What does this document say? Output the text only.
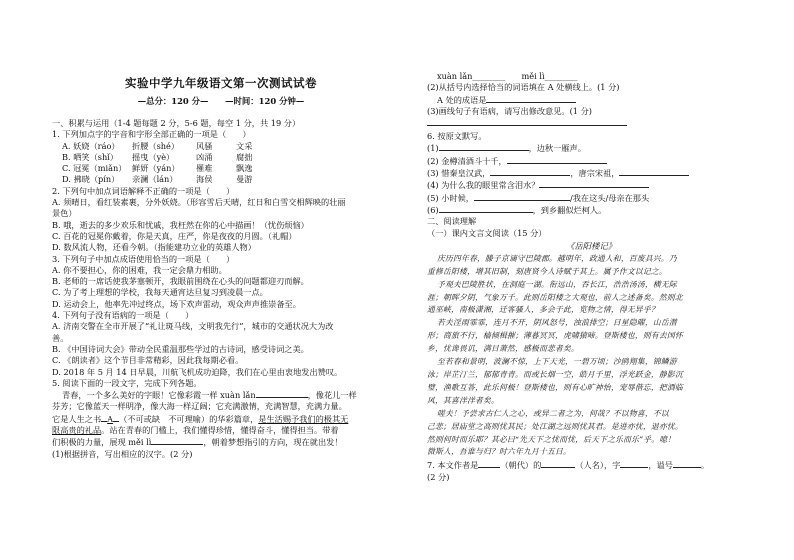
实验中学九年级语文第一次测试试卷
—总分：120 分—　　—时间：120 分钟—
一、积累与运用（1-4 题每题 2 分，5-6 题，每空 1 分，共 19 分）
1. 下列加点字的字音和字形全部正确的一项是（　　）
A. 妖娆（ráo）	折腰（shé）	风骚	文采
B. 哂笑（shǐ）	摇曳（yè）	凶涌	腐拙
C. 冠冕（miǎn） 鲜妍（yán）	罹难	飘逸
D. 拂晓（pín）	亲澜（lán）	海侯	曼游
2. 下列句中加点词语解释不正确的一项是（　　）
A. 须晴日，看红装素裹，分外妖娆。（形容雪后天晴，红日和白雪交相辉映的壮丽
景色）
B. 哦，逝去的多少欢乐和忧戚，我枉然在你的心中描画！（忧伤烦恼）
C. 百花的冠冕你戴着，你是天真，庄严，你是夜夜的月圆。（礼帽）
D. 数风流人物，还看今朝。（指能建功立业的英雄人物）
3. 下列句子中加点成语使用恰当的一项是（　　）
A. 你不要担心，你的困难，我一定会鼎力相助。
B. 老师的一席话使我茅塞顿开，我眼前围绕在心头的问题都迎刃而解。
C. 为了考上理想的学校，我每天通宵达旦复习到凌晨一点。
D. 运动会上，他率先冲过终点，场下欢声雷动，观众声声推崇备至。
4. 下列句子没有语病的一项是（　　）
A. 济南交警在全市开展了“礼让斑马线，文明我先行”，城市的交通状况大为改
善。
B. 《中国诗词大会》带动全民重温那些学过的古诗词，感受诗词之美。
C. 《朗读者》这个节目非常精彩，因此我每期必看。
D. 2018 年 5 月 14 日早晨，川航飞机成功迫降，我们在心里由衷地发出赞叹。
5. 阅读下面的一段文字，完成下列各题。
青春，一个多么美好的字眼！它像彩霞一样 xuàn lǎn	，像花儿一样
芬芳；它像蓝天一样明净，像大海一样辽阔；它充满激情，充满智慧，充满力量。
它是人生之书 A （不可或缺　不可理喻）的华彩篇章，是生活赐予我们的极其无
限高贵的礼品。站在青春的门槛上，我们懂得珍惜，懂得奋斗，懂得担当。带着
们积极的力量，展现 měi lì	，朝着梦想指引的方向，现在就出发！
(1)根据拼音，写出相应的汉字。(2 分)
xuàn lǎn________　　měi lì________
(2)从括号内选择恰当的词语填在 A 处横线上。(1 分)
A 处的成语是
(3)画线句子有语病，请写出修改意见。(1 分)
6. 按原文默写。
(1)	，边秋一雁声。
(2) 金樽清酒斗十千，
(3) 惜秦皇汉武，	，唐宗宋祖，
(4) 为什么我的眼里常含泪水？
(5) 小时候，	/我在这头/母亲在那头
(6)	，到乡翻似烂柯人。
二、阅读理解
（一）课内文言文阅读（15 分）
《岳阳楼记》
庆历四年春，滕子京谪守巴陵郡。越明年，政通人和，百废具兴。乃
重修岳阳楼，增其旧制，刻唐贤今人诗赋于其上。属予作文以记之。
予观夫巴陵胜状，在洞庭一湖。衔远山，吞长江，浩浩汤汤，横无际
涯；朝晖夕阴，气象万千。此则岳阳楼之大观也，前人之述备矣。然则北
通巫峡，南极潇湘，迁客骚人，多会于此，览物之情，得无异乎？
若夫淫雨霏霏，连月不开，阴风怒号，浊浪排空；日星隐曜，山岳潜
形；商旅不行，樯倾楫摧；薄暮冥冥，虎啸猿啼。登斯楼也，则有去国怀
乡，忧谗畏讥，满目萧然，感极而悲者矣。
至若春和景明，波澜不惊，上下天光，一碧万顷；沙鸥翔集，锦鳞游
泳；岸芷汀兰，郁郁青青。而或长烟一空，皓月千里，浮光跃金，静影沉
璧，渔歌互答，此乐何极！登斯楼也，则有心旷神怡，宠辱偕忘，把酒临
风，其喜洋洋者矣。
嗟夫！予尝求古仁人之心，或异二者之为，何哉？不以物喜，不以
己悲；居庙堂之高则忧其民；处江湖之远则忧其君。是进亦忧，退亦忧。
然则何时而乐耶？其必曰“先天下之忧而忧，后天下之乐而乐”乎。噫！
微斯人，吾谁与归？时六年九月十五日。
7. 本文作者是	（朝代）的	（人名），字	，谥号	。
(2 分)
